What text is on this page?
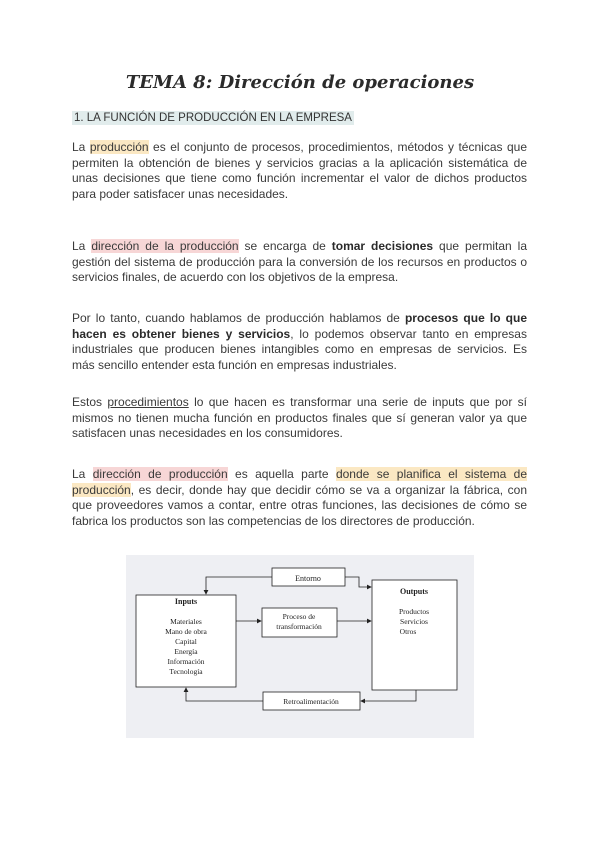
TEMA 8: Dirección de operaciones
1. LA FUNCIÓN DE PRODUCCIÓN EN LA EMPRESA
La producción es el conjunto de procesos, procedimientos, métodos y técnicas que permiten la obtención de bienes y servicios gracias a la aplicación sistemática de unas decisiones que tiene como función incrementar el valor de dichos productos para poder satisfacer unas necesidades.
La dirección de la producción se encarga de tomar decisiones que permitan la gestión del sistema de producción para la conversión de los recursos en productos o servicios finales, de acuerdo con los objetivos de la empresa.
Por lo tanto, cuando hablamos de producción hablamos de procesos que lo que hacen es obtener bienes y servicios, lo podemos observar tanto en empresas industriales que producen bienes intangibles como en empresas de servicios. Es más sencillo entender esta función en empresas industriales.
Estos procedimientos lo que hacen es transformar una serie de inputs que por sí mismos no tienen mucha función en productos finales que sí generan valor ya que satisfacen unas necesidades en los consumidores.
La dirección de producción es aquella parte donde se planifica el sistema de producción, es decir, donde hay que decidir cómo se va a organizar la fábrica, con que proveedores vamos a contar, entre otras funciones, las decisiones de cómo se fabrica los productos son las competencias de los directores de producción.
Entorno
Inputs
Materiales
Mano de obra
Capital
Energía
Información
Tecnología
Proceso de
transformación
Outputs
Productos
Servicios
Otros
Retroalimentación
